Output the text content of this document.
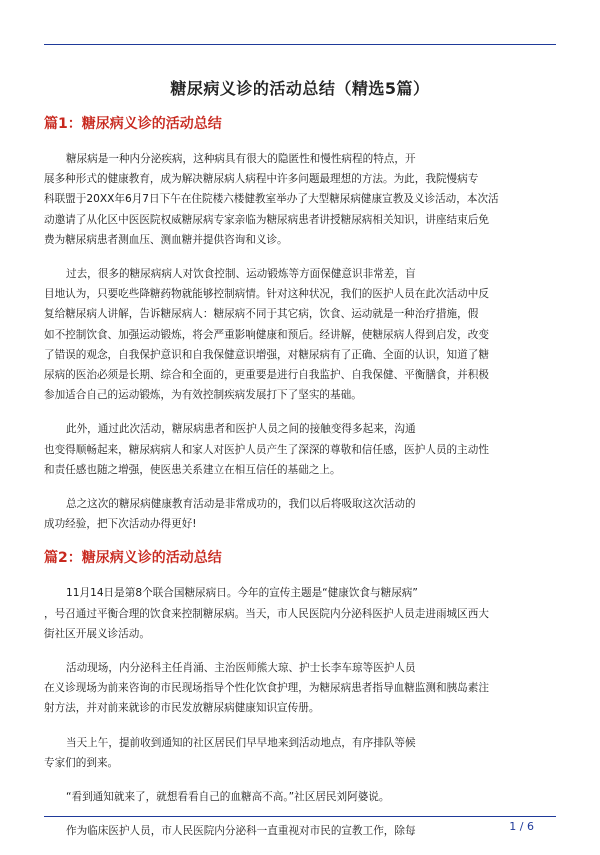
糖尿病义诊的活动总结（精选5篇）
篇1：糖尿病义诊的活动总结
糖尿病是一种内分泌疾病，这种病具有很大的隐匿性和慢性病程的特点，开
展多种形式的健康教育，成为解决糖尿病人病程中许多问题最理想的方法。为此，我院慢病专
科联盟于20XX年6月7日下午在住院楼六楼健教室举办了大型糖尿病健康宣教及义诊活动，本次活
动邀请了从化区中医医院权威糖尿病专家亲临为糖尿病患者讲授糖尿病相关知识，讲座结束后免
费为糖尿病患者测血压、测血糖并提供咨询和义诊。
过去，很多的糖尿病病人对饮食控制、运动锻炼等方面保健意识非常差，盲
目地认为，只要吃些降糖药物就能够控制病情。针对这种状况，我们的医护人员在此次活动中反
复给糖尿病人讲解，告诉糖尿病人：糖尿病不同于其它病，饮食、运动就是一种治疗措施，假
如不控制饮食、加强运动锻炼，将会严重影响健康和预后。经讲解，使糖尿病人得到启发，改变
了错误的观念，自我保护意识和自我保健意识增强，对糖尿病有了正确、全面的认识，知道了糖
尿病的医治必须是长期、综合和全面的，更重要是进行自我监护、自我保健、平衡膳食，并积极
参加适合自己的运动锻炼，为有效控制疾病发展打下了坚实的基础。
此外，通过此次活动，糖尿病患者和医护人员之间的接触变得多起来，沟通
也变得顺畅起来，糖尿病病人和家人对医护人员产生了深深的尊敬和信任感，医护人员的主动性
和责任感也随之增强，使医患关系建立在相互信任的基础之上。
总之这次的糖尿病健康教育活动是非常成功的，我们以后将吸取这次活动的
成功经验，把下次活动办得更好!
篇2：糖尿病义诊的活动总结
11月14日是第8个联合国糖尿病日。今年的宣传主题是“健康饮食与糖尿病”
，号召通过平衡合理的饮食来控制糖尿病。当天，市人民医院内分泌科医护人员走进雨城区西大
街社区开展义诊活动。
活动现场，内分泌科主任肖涌、主治医师熊大琼、护士长李车琼等医护人员
在义诊现场为前来咨询的市民现场指导个性化饮食护理，为糖尿病患者指导血糖监测和胰岛素注
射方法，并对前来就诊的市民发放糖尿病健康知识宣传册。
当天上午，提前收到通知的社区居民们早早地来到活动地点，有序排队等候
专家们的到来。
“看到通知就来了，就想看看自己的血糖高不高。”社区居民刘阿婆说。
作为临床医护人员，市人民医院内分泌科一直重视对市民的宣教工作，除每	1 / 6
